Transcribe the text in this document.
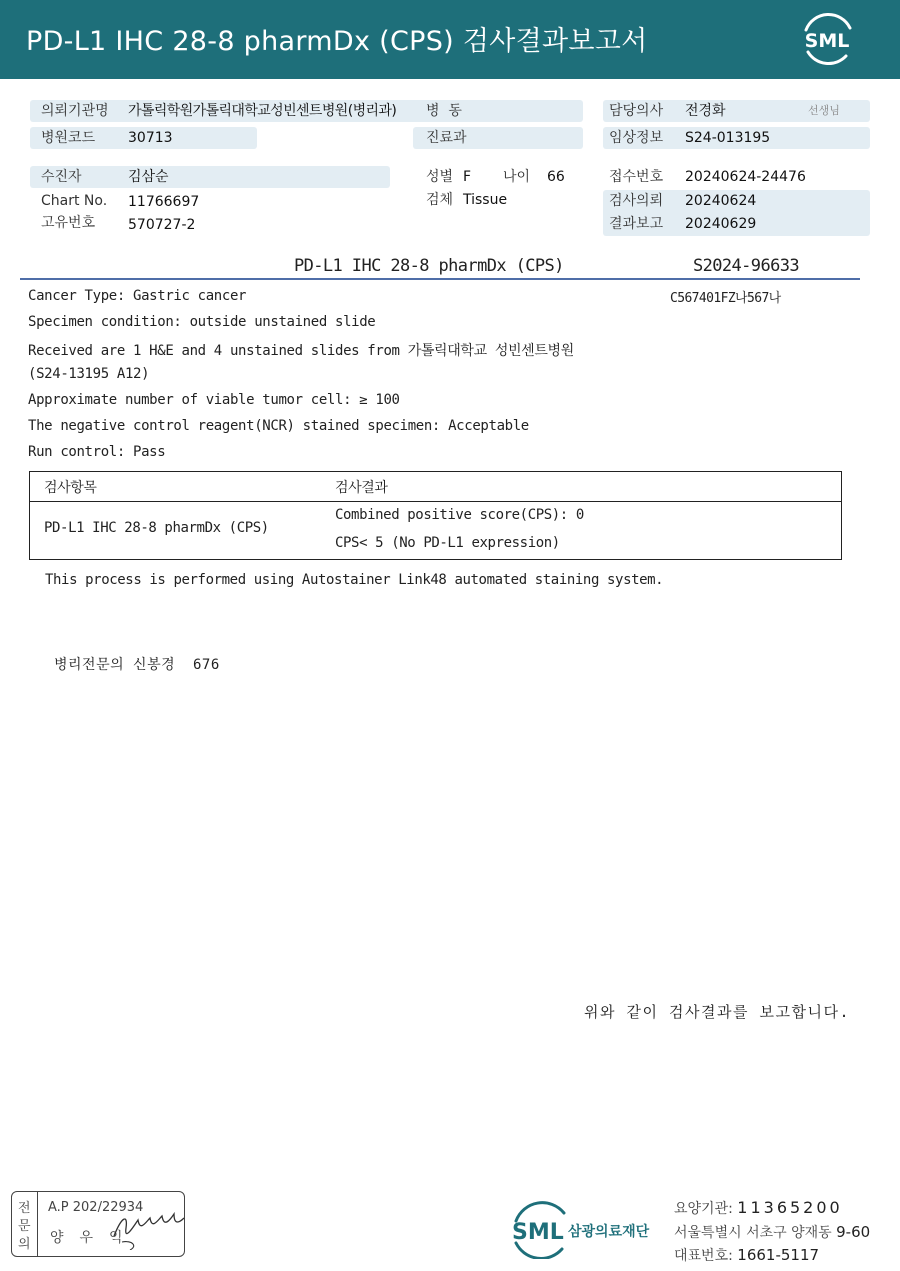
PD-L1 IHC 28-8 pharmDx (CPS) 검사결과보고서	SML
의뢰기관명 가톨릭학원가톨릭대학교성빈센트병원(병리과) 병  동
병원코드 30713	진료과
담당의사 전경화	선생님
임상정보 S24-013195
수진자	김삼순
Chart No. 11766697
고유번호 570727-2
성별 F 나이 66
검체 Tissue
접수번호 20240624-24476
검사의뢰 20240624
결과보고 20240629
PD-L1 IHC 28-8 pharmDx (CPS)	S2024-96633
C567401FZ나567나
Cancer Type: Gastric cancer
Specimen condition: outside unstained slide
Received are 1 H&E and 4 unstained slides from 가톨릭대학교 성빈센트병원
(S24-13195 A12)
Approximate number of viable tumor cell: ≥ 100
The negative control reagent(NCR) stained specimen: Acceptable
Run control: Pass
검사항목	검사결과
PD-L1 IHC 28-8 pharmDx (CPS)
Combined positive score(CPS): 0
CPS< 5 (No PD-L1 expression)
This process is performed using Autostainer Link48 automated staining system.
병리전문의 신봉경  676
위와 같이 검사결과를 보고합니다.
전
문
의
A.P 202/22934
양우익	SML 삼광의료재단
요양기관: 11365200
서울특별시 서초구 양재동 9-60
대표번호: 1661-5117
